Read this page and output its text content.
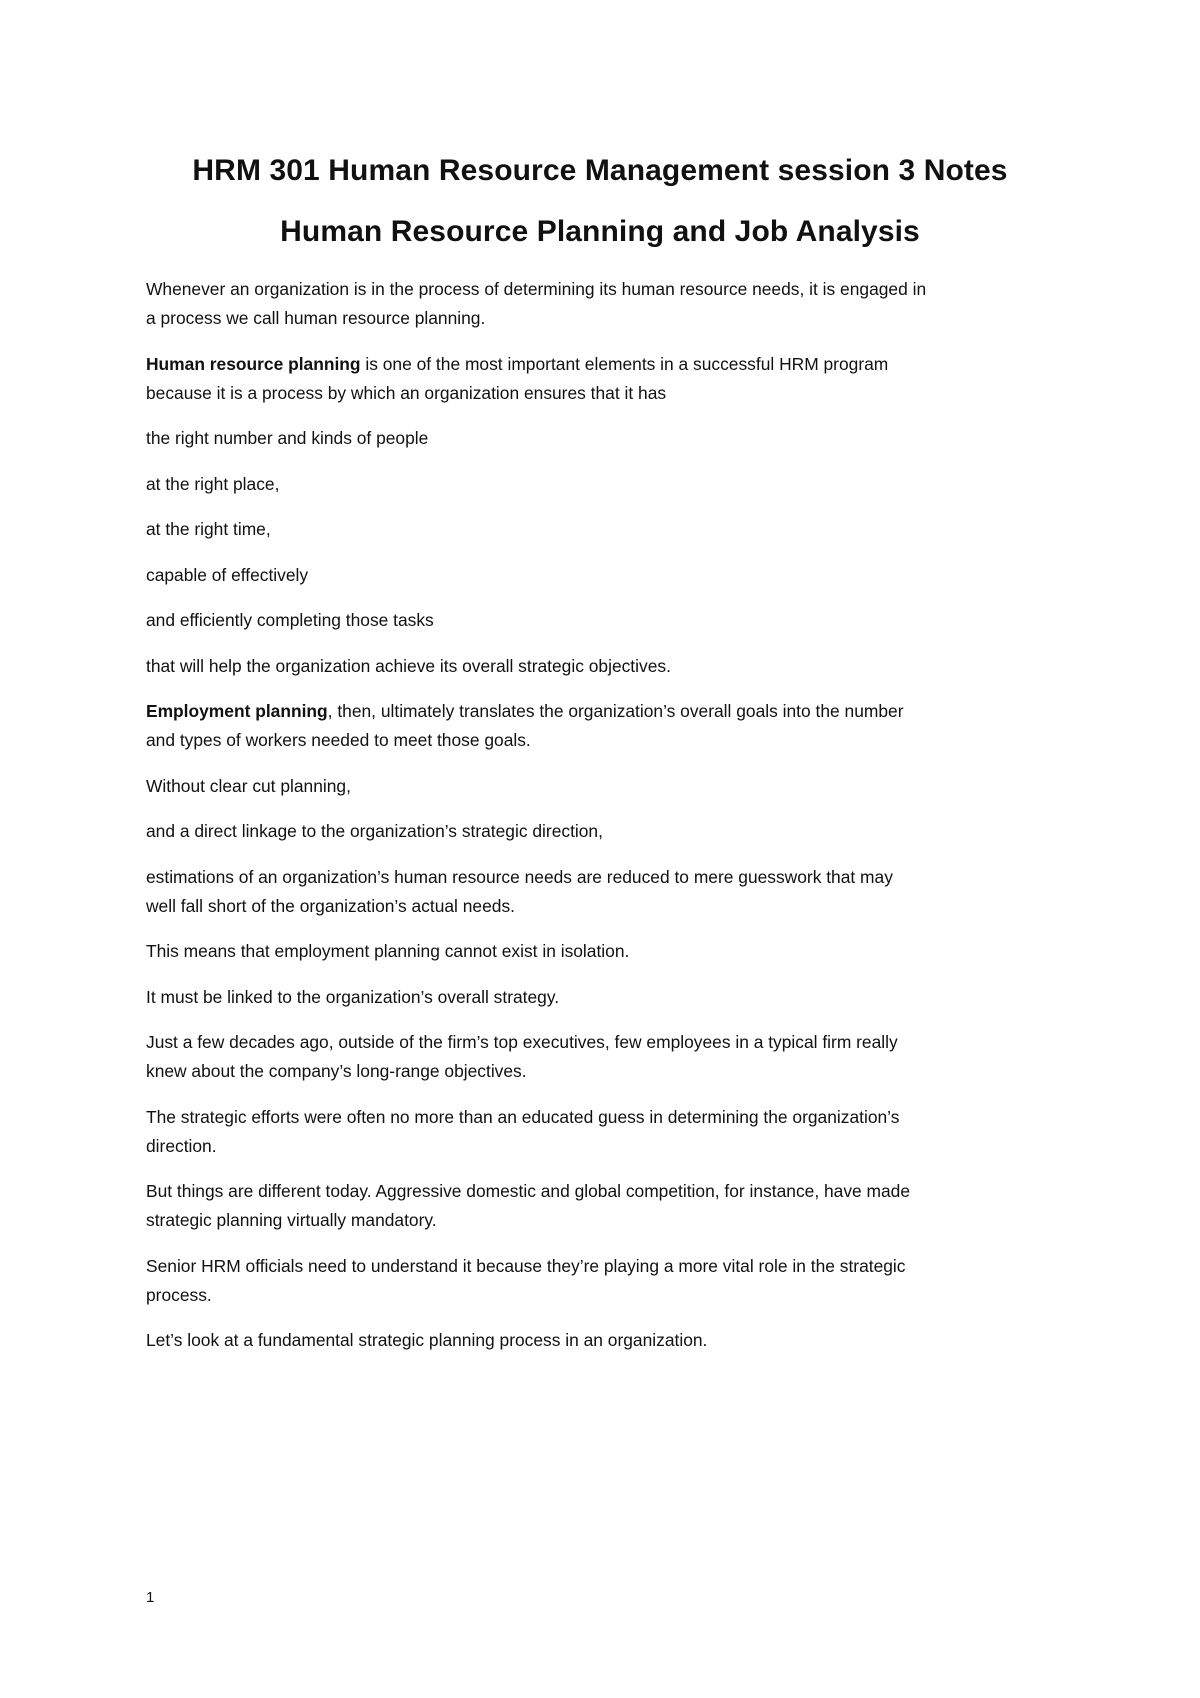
HRM 301 Human Resource Management session 3 Notes
Human Resource Planning and Job Analysis

Whenever an organization is in the process of determining its human resource needs, it is engaged in
a process we call human resource planning.

Human resource planning is one of the most important elements in a successful HRM program
because it is a process by which an organization ensures that it has

the right number and kinds of people

at the right place,

at the right time,

capable of effectively

and efficiently completing those tasks

that will help the organization achieve its overall strategic objectives.

Employment planning, then, ultimately translates the organization’s overall goals into the number
and types of workers needed to meet those goals.

Without clear cut planning,

and a direct linkage to the organization’s strategic direction,

estimations of an organization’s human resource needs are reduced to mere guesswork that may
well fall short of the organization’s actual needs.

This means that employment planning cannot exist in isolation.

It must be linked to the organization’s overall strategy.

Just a few decades ago, outside of the firm’s top executives, few employees in a typical firm really
knew about the company’s long-range objectives.

The strategic efforts were often no more than an educated guess in determining the organization’s
direction.

But things are different today. Aggressive domestic and global competition, for instance, have made
strategic planning virtually mandatory.

Senior HRM officials need to understand it because they’re playing a more vital role in the strategic
process.

Let’s look at a fundamental strategic planning process in an organization.

1
